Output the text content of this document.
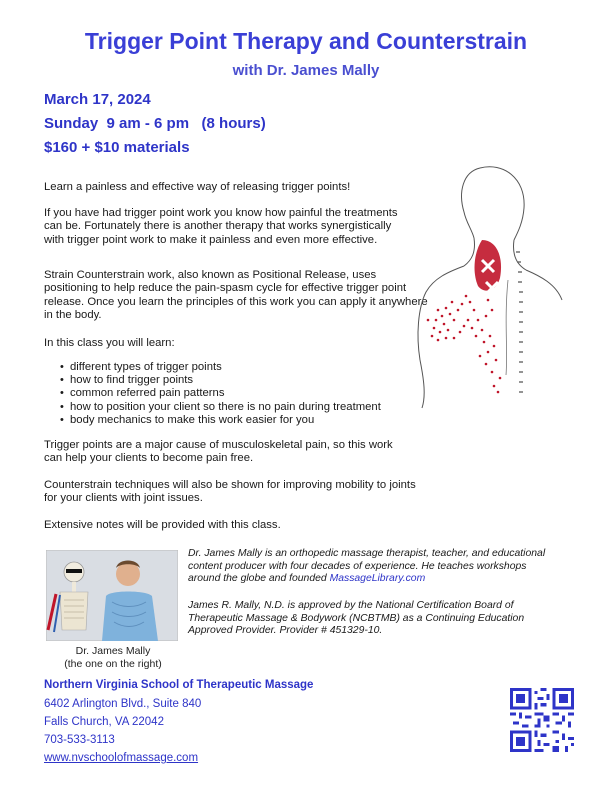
Trigger Point Therapy and Counterstrain
with Dr. James Mally
March 17, 2024
Sunday  9 am - 6 pm   (8 hours)
$160 + $10 materials
Learn a painless and effective way of releasing trigger points!
If you have had trigger point work you know how painful the treatments can be. Fortunately there is another therapy that works synergistically with trigger point work to make it painless and even more effective.
Strain Counterstrain work, also known as Positional Release, uses positioning to help reduce the pain-spasm cycle for effective trigger point release. Once you learn the principles of this work you can apply it anywhere in the body.
In this class you will learn:
• different types of trigger points
• how to find trigger points
• common referred pain patterns
• how to position your client so there is no pain during treatment
• body mechanics to make this work easier for you
Trigger points are a major cause of musculoskeletal pain, so this work can help your clients to become pain free.
Counterstrain techniques will also be shown for improving mobility to joints for your clients with joint issues.
Extensive notes will be provided with this class.
Dr. James Mally
(the one on the right)
Dr. James Mally is an orthopedic massage therapist, teacher, and educational content producer with four decades of experience. He teaches workshops around the globe and founded MassageLibrary.com
James R. Mally, N.D. is approved by the National Certification Board of Therapeutic Massage & Bodywork (NCBTMB) as a Continuing Education Approved Provider. Provider # 451329-10.
Northern Virginia School of Therapeutic Massage
6402 Arlington Blvd., Suite 840
Falls Church, VA 22042
703-533-3113
www.nvschoolofmassage.com
